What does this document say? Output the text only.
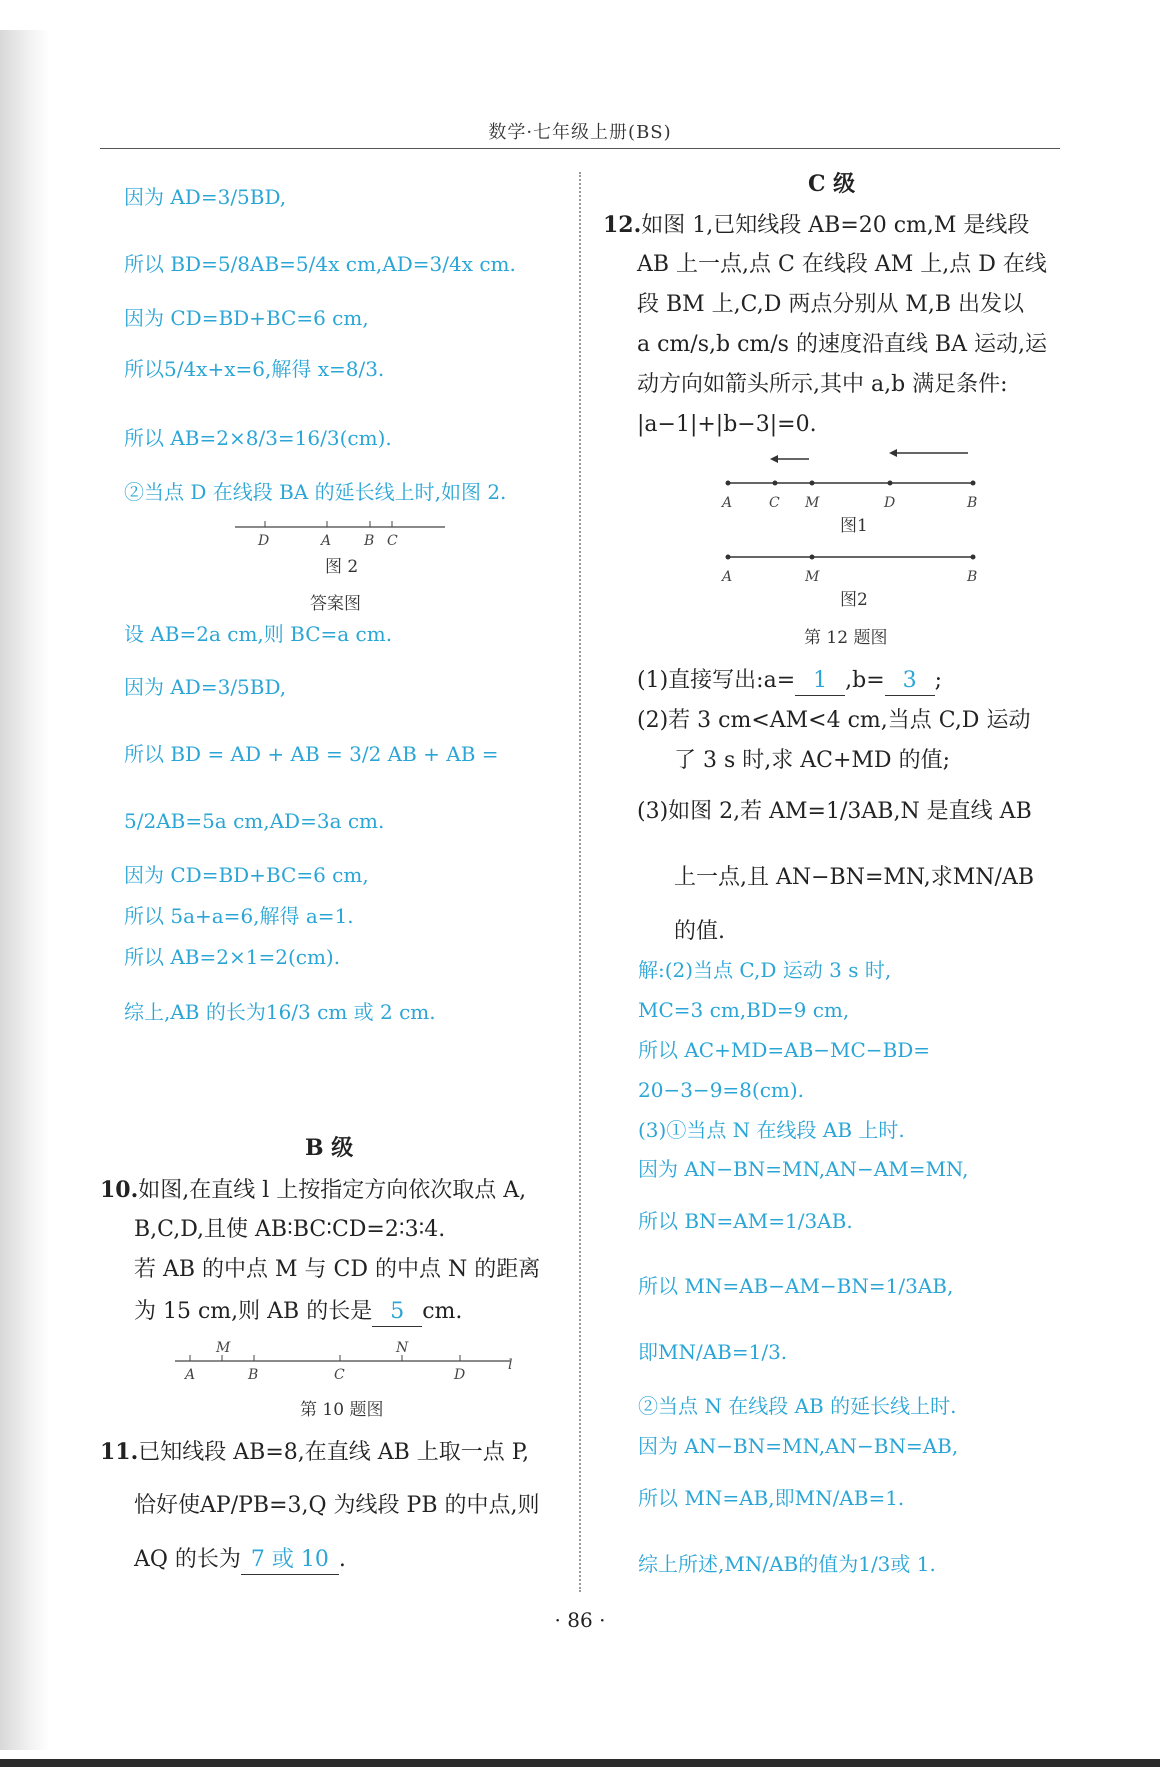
数学·七年级上册(BS)
因为 AD=3/5BD,
所以 BD=5/8AB=5/4x cm,AD=3/4x cm.
因为 CD=BD+BC=6 cm,
所以5/4x+x=6,解得 x=8/3.
所以 AB=2×8/3=16/3(cm).
②当点 D 在线段 BA 的延长线上时,如图 2.
D	A B C
图 2
答案图
设 AB=2a cm,则 BC=a cm.
因为 AD=3/5BD,
所以 BD = AD + AB = 3/2 AB + AB =
5/2AB=5a cm,AD=3a cm.
因为 CD=BD+BC=6 cm,
所以 5a+a=6,解得 a=1.
所以 AB=2×1=2(cm).
综上,AB 的长为16/3 cm 或 2 cm.
B 级
10.如图,在直线 l 上按指定方向依次取点 A,
B,C,D,且使 AB∶BC∶CD=2∶3∶4.
若 AB 的中点 M 与 CD 的中点 N 的距离
为 15 cm,则 AB 的长是 5 cm.
A
M
B	C
N
D
l
第 10 题图
11.已知线段 AB=8,在直线 AB 上取一点 P,
恰好使AP/PB=3,Q 为线段 PB 的中点,则
AQ 的长为 7 或 10 .
C 级
12.如图 1,已知线段 AB=20 cm,M 是线段
AB 上一点,点 C 在线段 AM 上,点 D 在线
段 BM 上,C,D 两点分别从 M,B 出发以
a cm/s,b cm/s 的速度沿直线 BA 运动,运
动方向如箭头所示,其中 a,b 满足条件:
|a−1|+|b−3|=0.
A	C M	D	B
图1
A	M	B
图2
第 12 题图
(1)直接写出:a= 1 ,b= 3 ;
(2)若 3 cm<AM<4 cm,当点 C,D 运动
了 3 s 时,求 AC+MD 的值;
(3)如图 2,若 AM=1/3AB,N 是直线 AB
上一点,且 AN−BN=MN,求MN/AB
的值.
解:(2)当点 C,D 运动 3 s 时,
MC=3 cm,BD=9 cm,
所以 AC+MD=AB−MC−BD=
20−3−9=8(cm).
(3)①当点 N 在线段 AB 上时.
因为 AN−BN=MN,AN−AM=MN,
所以 BN=AM=1/3AB.
所以 MN=AB−AM−BN=1/3AB,
即MN/AB=1/3.
②当点 N 在线段 AB 的延长线上时.
因为 AN−BN=MN,AN−BN=AB,
所以 MN=AB,即MN/AB=1.
综上所述,MN/AB的值为1/3或 1.
· 86 ·
